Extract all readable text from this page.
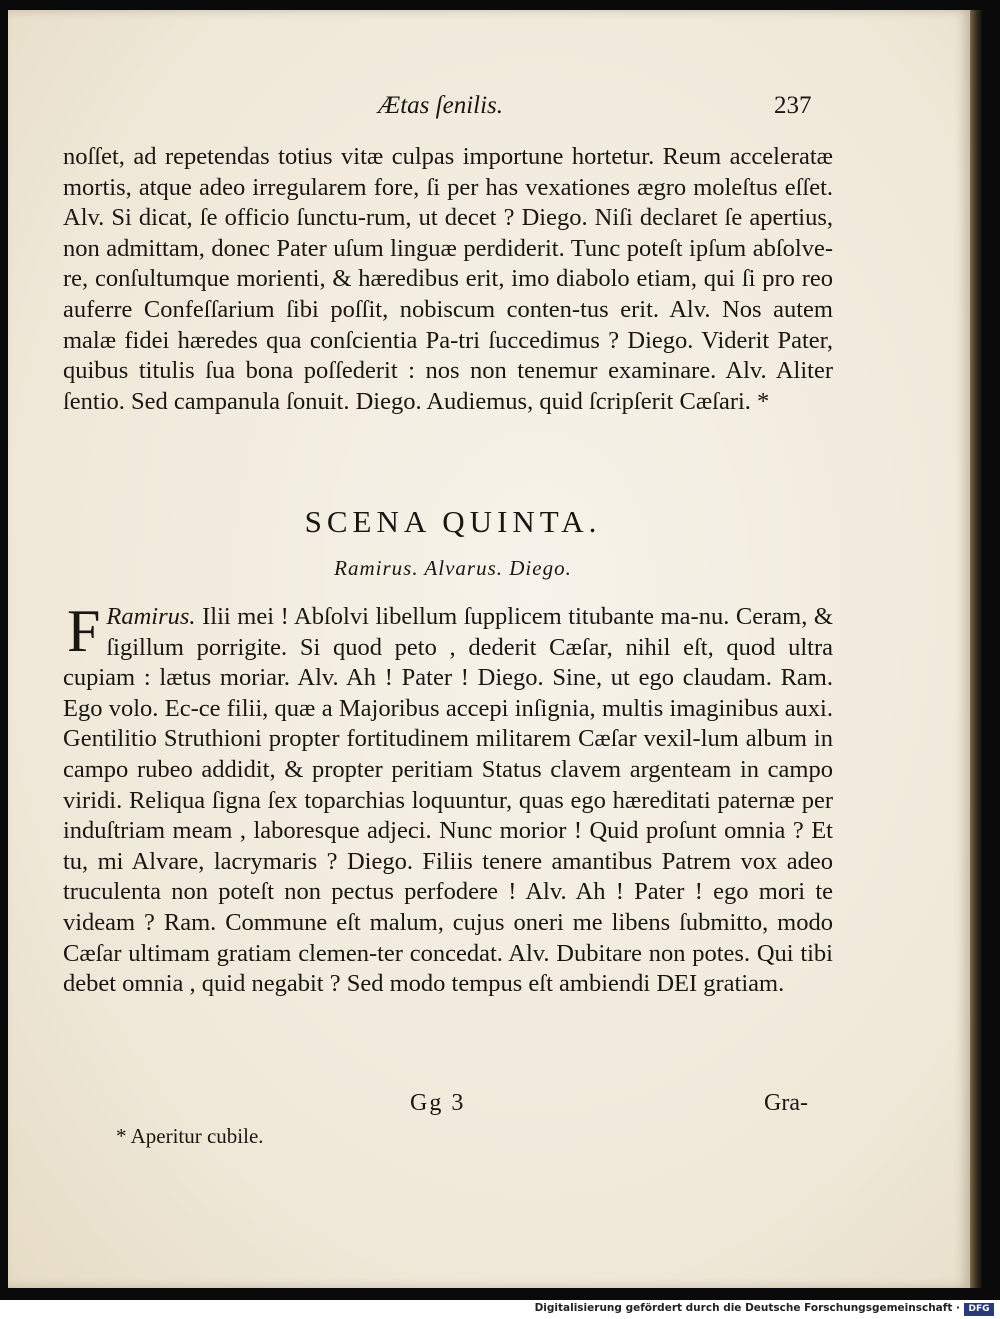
Ætas ſenilis.	237

noſſet, ad repetendas totius vitæ culpas importune hortetur. Reum acceleratæ mortis, atque adeo irregularem fore, ſi per has vexationes ægro moleſtus eſſet. Alv. Si dicat, ſe officio ſunctu-rum, ut decet ? Diego. Niſi declaret ſe apertius, non admittam, donec Pater uſum linguæ perdiderit. Tunc poteſt ipſum abſolve-re, conſultumque morienti, & hæredibus erit, imo diabolo etiam, qui ſi pro reo auferre Confeſſarium ſibi poſſit, nobiscum conten-tus erit. Alv. Nos autem malæ fidei hæredes qua conſcientia Pa-tri ſuccedimus ? Diego. Viderit Pater, quibus titulis ſua bona poſſederit : nos non tenemur examinare. Alv. Aliter ſentio. Sed campanula ſonuit. Diego. Audiemus, quid ſcripſerit Cæſari. *

SCENA QUINTA.
Ramirus. Alvarus. Diego.

Ramirus.
F	Ilii mei ! Abſolvi libellum ſupplicem titubante ma-nu. Ceram, & ſigillum porrigite. Si quod peto , dederit Cæſar, nihil eſt, quod ultra cupiam : lætus moriar. Alv. Ah ! Pater ! Diego. Sine, ut ego claudam. Ram. Ego volo. Ec-ce filii, quæ a Majoribus accepi inſignia, multis imaginibus auxi. Gentilitio Struthioni propter fortitudinem militarem Cæſar vexil-lum album in campo rubeo addidit, & propter peritiam Status clavem argenteam in campo viridi. Reliqua ſigna ſex toparchias loquuntur, quas ego hæreditati paternæ per induſtriam meam , laboresque adjeci. Nunc morior ! Quid proſunt omnia ? Et tu, mi Alvare, lacrymaris ? Diego. Filiis tenere amantibus Patrem vox adeo truculenta non poteſt non pectus perfodere ! Alv. Ah ! Pater ! ego mori te videam ? Ram. Commune eſt malum, cujus oneri me libens ſubmitto, modo Cæſar ultimam gratiam clemen-ter concedat. Alv. Dubitare non potes. Qui tibi debet omnia , quid negabit ? Sed modo tempus eſt ambiendi DEI gratiam.

Gg 3	Gra-
* Aperitur cubile.
Digitalisierung gefördert durch die Deutsche Forschungsgemeinschaft · DFG
